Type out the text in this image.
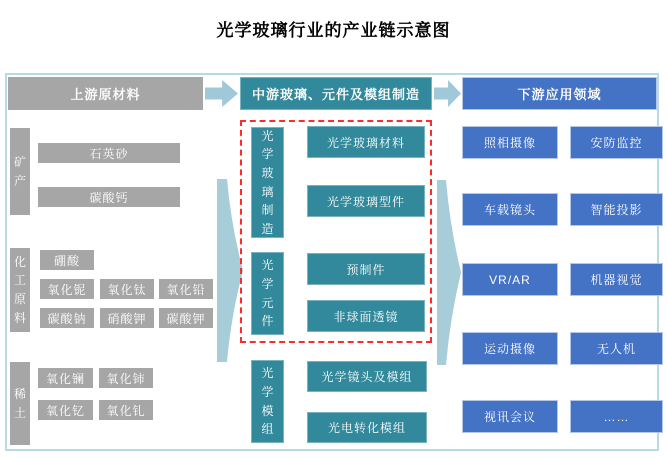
光学玻璃行业的产业链示意图
上游原材料	中游玻璃、元件及模组制造	下游应用领域
矿产
石英砂
碳酸钙
化工原料
硼酸
氧化铌	氧化钛	氧化铅
碳酸钠	硝酸钾	碳酸钾
稀土
氧化镧	氧化铈
氧化钇	氧化钆
光学玻璃制造
光学玻璃材料
光学玻璃型件
光学元件
预制件
非球面透镜
光学模组
光学镜头及模组
光电转化模组
照相摄像	安防监控
车载镜头	智能投影
VR/AR	机器视觉
运动摄像	无人机
视讯会议	……
